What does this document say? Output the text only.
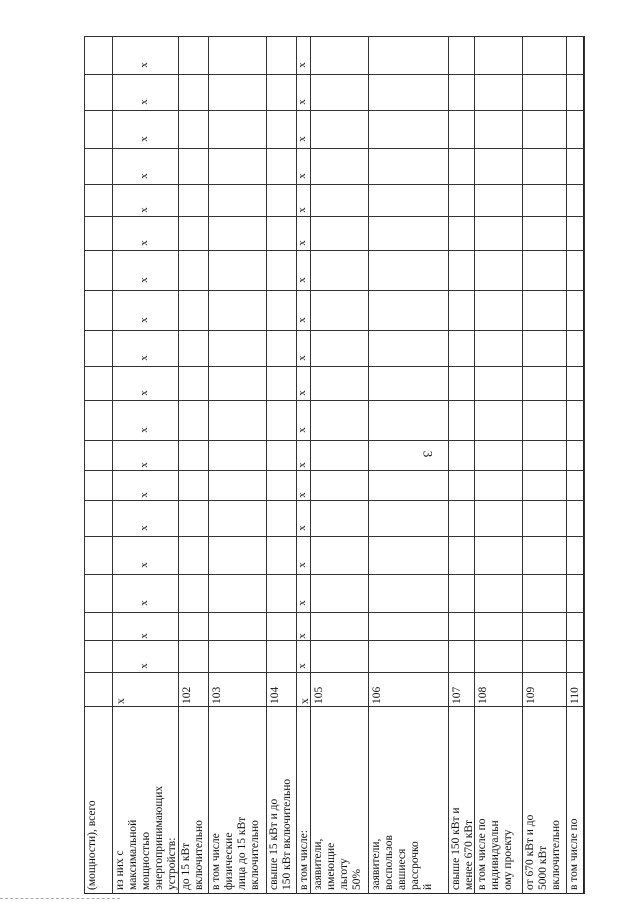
3
(мощности), всего из них с
максимальной
мощностью
энергопринимающих
устройств:
x
до 15 кВт
включительно
102
в том числе
физические
лица до 15 кВт
включительно
103
свыше 15 кВт и до
150 кВт включительно
104
в том числе:
x
заявители,
имеющие
льготу
50%
105
заявители,
воспользов
авшиеся
рассрочко
й
106
свыше 150 кВт и
менее 670 кВт
107
в том числе по
индивидуальн
ому проекту
108
от 670 кВт и до
5000 кВт
включительно
109
в том числе по
110
x
x
x
x
x
x
x
x
x
x
x
x
x
x
x
x
x
x
x
x
x
x
x
x
x
x
x
x
x
x
x
x
x
x
x
x
